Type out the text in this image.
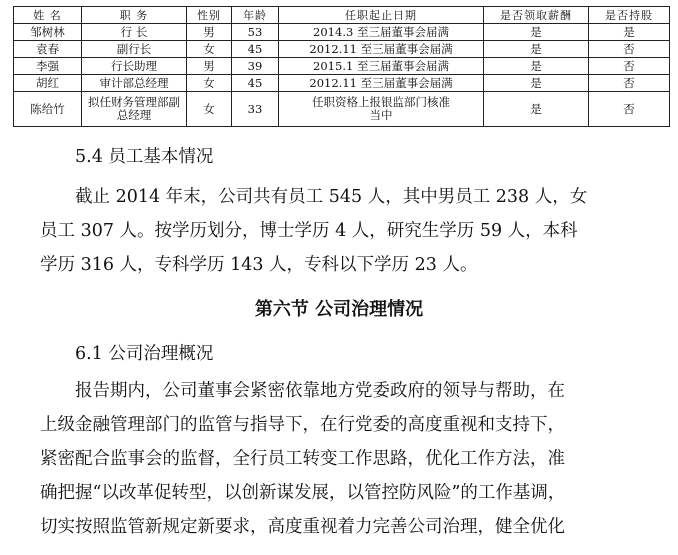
姓 名	职 务	性别	年龄	任职起止日期	是否领取薪酬	是否持股
邹树林	行 长	男	53	2014.3 至三届董事会届满	是	是
袁春	副行长	女	45	2012.11 至三届董事会届满	是	否
李强	行长助理	男	39	2015.1 至三届董事会届满	是	否
胡红	审计部总经理	女	45	2012.11 至三届董事会届满	是	否
陈给竹	拟任财务管理部副总经理	女	33	任职资格上报银监部门核准当中	是	否
5.4 员工基本情况
截止 2014 年末，公司共有员工 545 人，其中男员工 238 人，女
员工 307 人。按学历划分，博士学历 4 人，研究生学历 59 人，本科
学历 316 人，专科学历 143 人，专科以下学历 23 人。
第六节 公司治理情况
6.1 公司治理概况
报告期内，公司董事会紧密依靠地方党委政府的领导与帮助，在
上级金融管理部门的监管与指导下，在行党委的高度重视和支持下，
紧密配合监事会的监督，全行员工转变工作思路，优化工作方法，准
确把握“以改革促转型，以创新谋发展，以管控防风险”的工作基调，
切实按照监管新规定新要求，高度重视着力完善公司治理，健全优化
